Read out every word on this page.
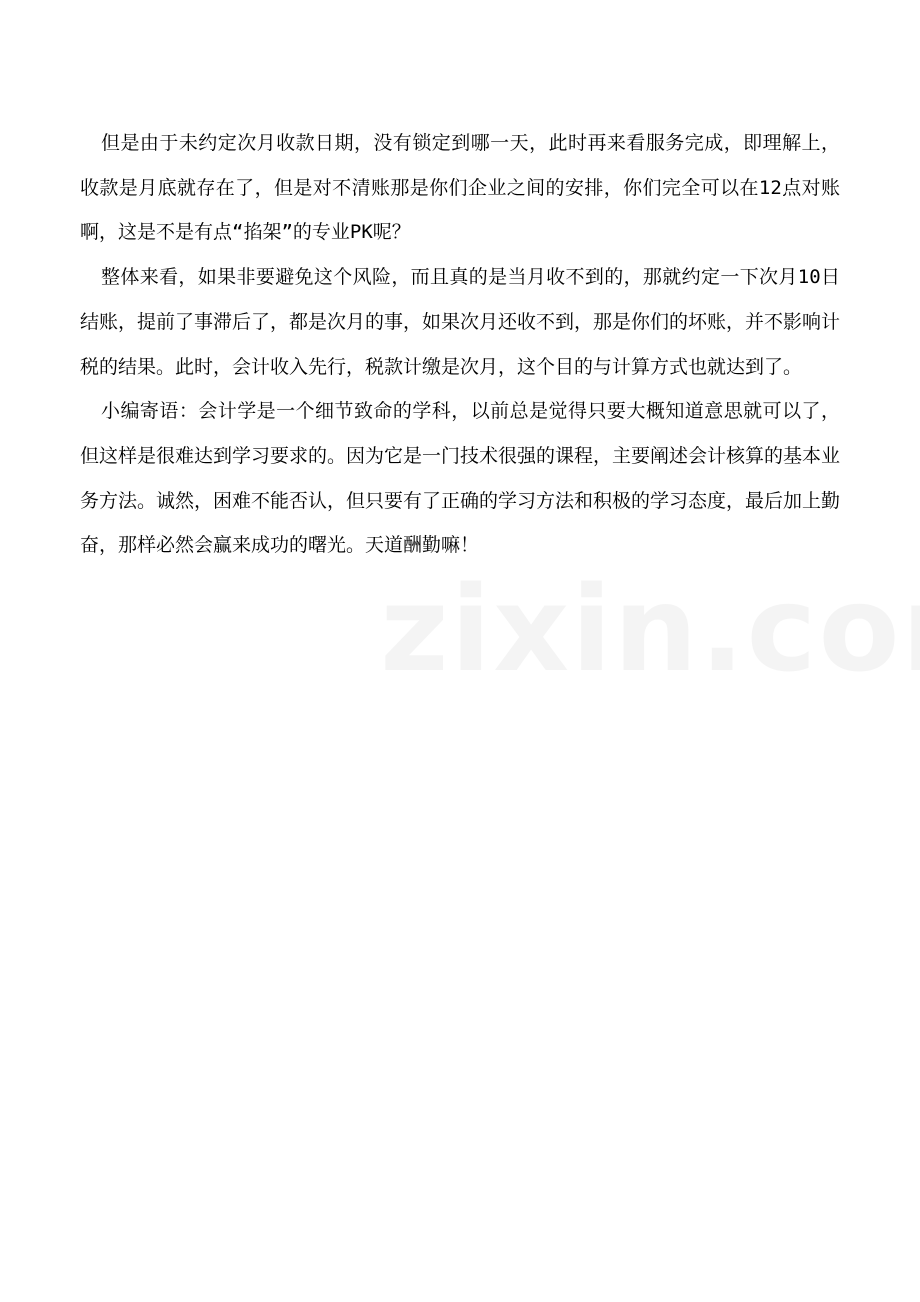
但是由于未约定次月收款日期，没有锁定到哪一天，此时再来看服务完成，即理解上，收款是月底就存在了，但是对不清账那是你们企业之间的安排，你们完全可以在12点对账啊，这是不是有点“掐架”的专业PK呢？

整体来看，如果非要避免这个风险，而且真的是当月收不到的，那就约定一下次月10日结账，提前了事滞后了，都是次月的事，如果次月还收不到，那是你们的坏账，并不影响计税的结果。此时，会计收入先行，税款计缴是次月，这个目的与计算方式也就达到了。

小编寄语：会计学是一个细节致命的学科，以前总是觉得只要大概知道意思就可以了，但这样是很难达到学习要求的。因为它是一门技术很强的课程，主要阐述会计核算的基本业务方法。诚然，困难不能否认，但只要有了正确的学习方法和积极的学习态度，最后加上勤奋，那样必然会赢来成功的曙光。天道酬勤嘛！
